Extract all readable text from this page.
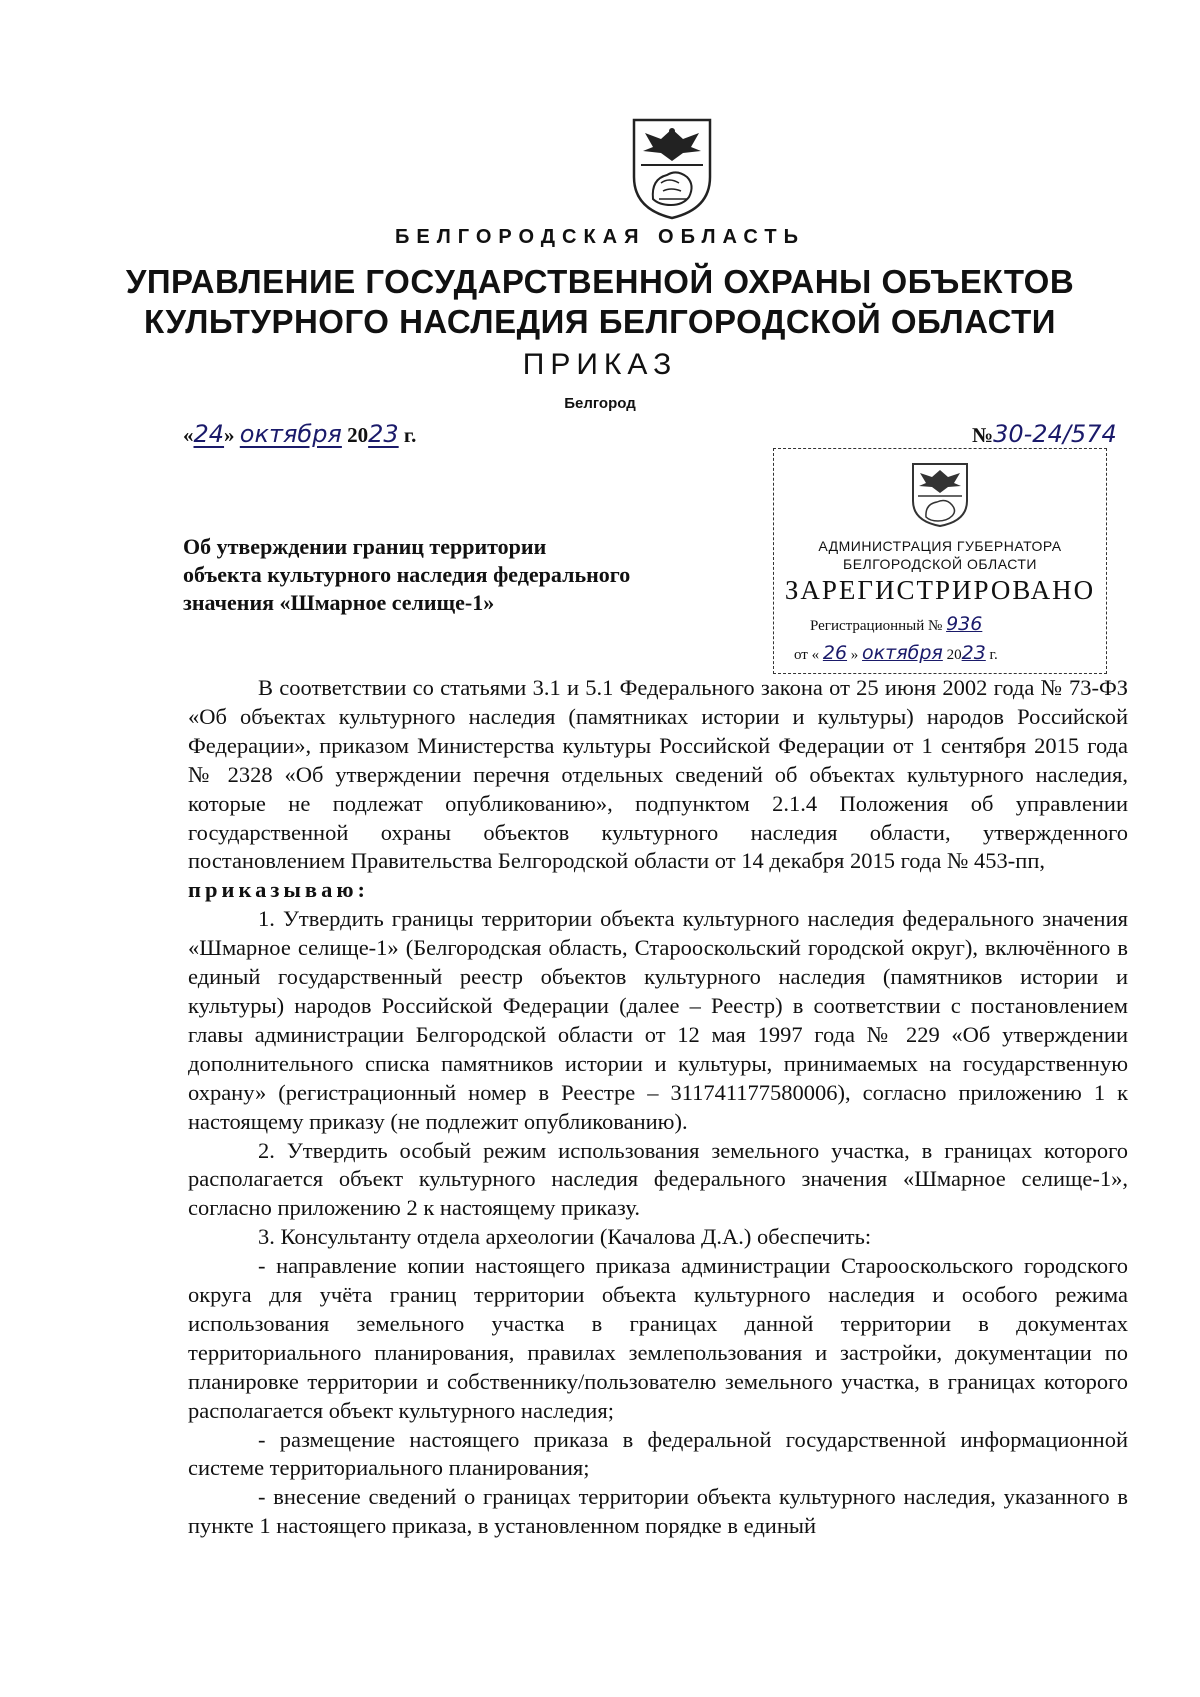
БЕЛГОРОДСКАЯ ОБЛАСТЬ
УПРАВЛЕНИЕ ГОСУДАРСТВЕННОЙ ОХРАНЫ ОБЪЕКТОВ
КУЛЬТУРНОГО НАСЛЕДИЯ БЕЛГОРОДСКОЙ ОБЛАСТИ
ПРИКАЗ
Белгород
«24» октября 2023 г.	№30-24/574
АДМИНИСТРАЦИЯ ГУБЕРНАТОРА
БЕЛГОРОДСКОЙ ОБЛАСТИ
ЗАРЕГИСТРИРОВАНО
Регистрационный № 936
от « 26 » октября 2023 г.
Об утверждении границ территории
объекта культурного наследия федерального
значения «Шмарное селище-1»

В соответствии со статьями 3.1 и 5.1 Федерального закона от 25 июня 2002 года № 73-ФЗ «Об объектах культурного наследия (памятниках истории и культуры) народов Российской Федерации», приказом Министерства культуры Российской Федерации от 1 сентября 2015 года № 2328 «Об утверждении перечня отдельных сведений об объектах культурного наследия, которые не подлежат опубликованию», подпунктом 2.1.4 Положения об управлении государственной охраны объектов культурного наследия области, утвержденного постановлением Правительства Белгородской области от 14 декабря 2015 года № 453-пп,

приказываю:

1. Утвердить границы территории объекта культурного наследия федерального значения «Шмарное селище-1» (Белгородская область, Старооскольский городской округ), включённого в единый государственный реестр объектов культурного наследия (памятников истории и культуры) народов Российской Федерации (далее – Реестр) в соответствии с постановлением главы администрации Белгородской области от 12 мая 1997 года № 229 «Об утверждении дополнительного списка памятников истории и культуры, принимаемых на государственную охрану» (регистрационный номер в Реестре – 311741177580006), согласно приложению 1 к настоящему приказу (не подлежит опубликованию).

2. Утвердить особый режим использования земельного участка, в границах которого располагается объект культурного наследия федерального значения «Шмарное селище-1», согласно приложению 2 к настоящему приказу.

3. Консультанту отдела археологии (Качалова Д.А.) обеспечить:

- направление копии настоящего приказа администрации Старооскольского городского округа для учёта границ территории объекта культурного наследия и особого режима использования земельного участка в границах данной территории в документах территориального планирования, правилах землепользования и застройки, документации по планировке территории и собственнику/пользователю земельного участка, в границах которого располагается объект культурного наследия;

- размещение настоящего приказа в федеральной государственной информационной системе территориального планирования;

- внесение сведений о границах территории объекта культурного наследия, указанного в пункте 1 настоящего приказа, в установленном порядке в единый
